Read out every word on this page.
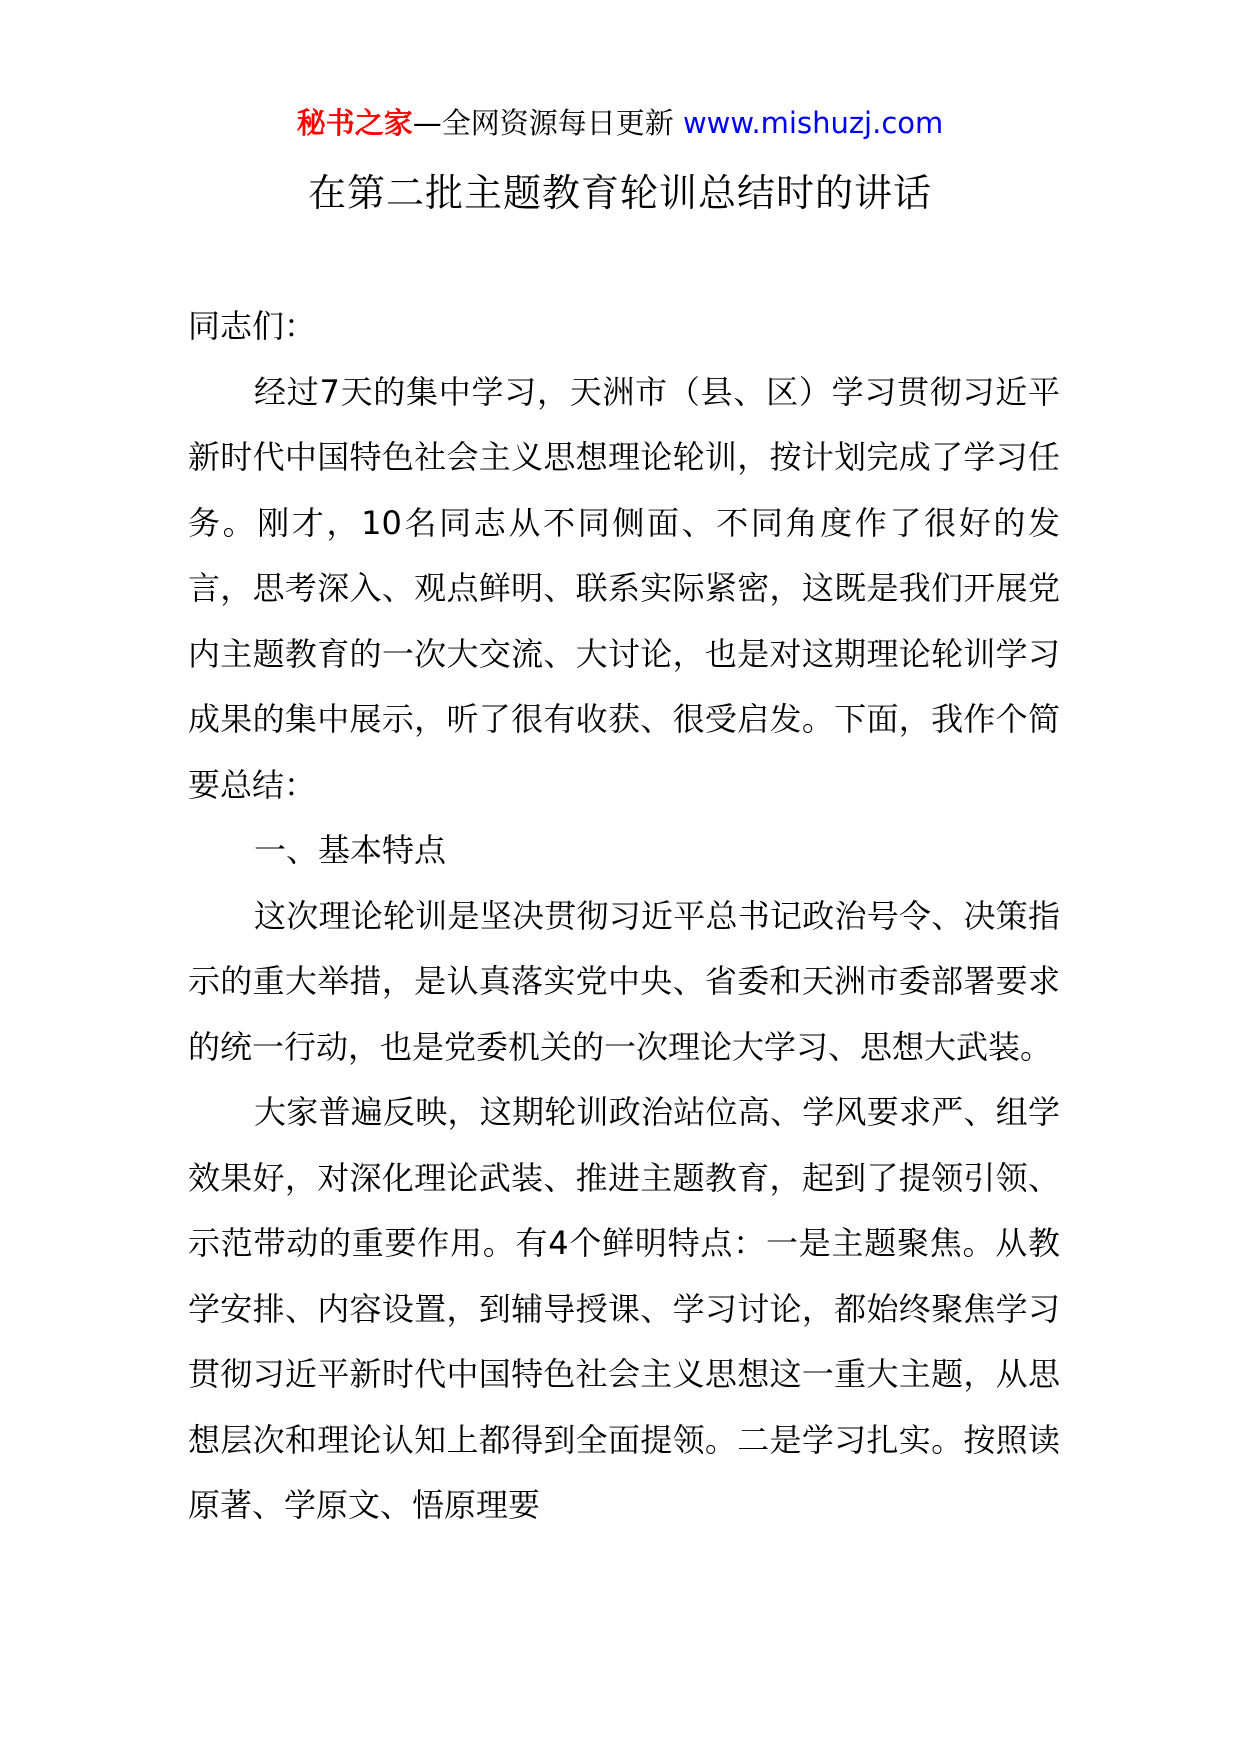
秘书之家—全网资源每日更新 www.mishuzj.com
在第二批主题教育轮训总结时的讲话

同志们：

经过7天的集中学习，天洲市（县、区）学习贯彻习近平新时代中国特色社会主义思想理论轮训，按计划完成了学习任务。刚才，10名同志从不同侧面、不同角度作了很好的发言，思考深入、观点鲜明、联系实际紧密，这既是我们开展党内主题教育的一次大交流、大讨论，也是对这期理论轮训学习成果的集中展示，听了很有收获、很受启发。下面，我作个简要总结：

一、基本特点

这次理论轮训是坚决贯彻习近平总书记政治号令、决策指示的重大举措，是认真落实党中央、省委和天洲市委部署要求的统一行动，也是党委机关的一次理论大学习、思想大武装。

大家普遍反映，这期轮训政治站位高、学风要求严、组学效果好，对深化理论武装、推进主题教育，起到了提领引领、示范带动的重要作用。有4个鲜明特点：一是主题聚焦。从教学安排、内容设置，到辅导授课、学习讨论，都始终聚焦学习贯彻习近平新时代中国特色社会主义思想这一重大主题，从思想层次和理论认知上都得到全面提领。二是学习扎实。按照读原著、学原文、悟原理要
